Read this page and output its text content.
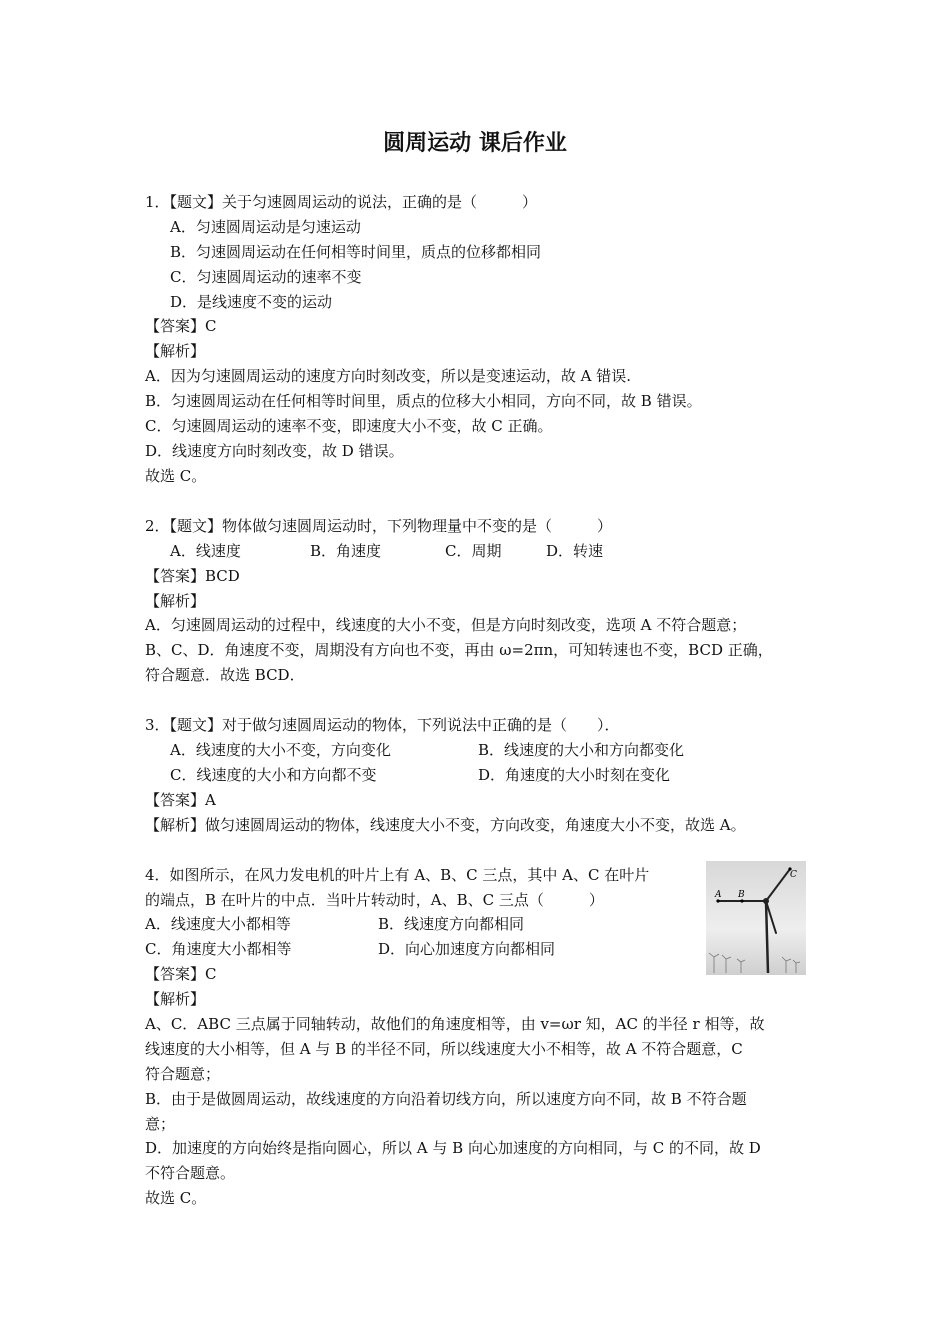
圆周运动 课后作业
1．【题文】关于匀速圆周运动的说法，正确的是（　　　）
A．匀速圆周运动是匀速运动
B．匀速圆周运动在任何相等时间里，质点的位移都相同
C．匀速圆周运动的速率不变
D．是线速度不变的运动
【答案】C
【解析】
A．因为匀速圆周运动的速度方向时刻改变，所以是变速运动，故 A 错误.
B．匀速圆周运动在任何相等时间里，质点的位移大小相同，方向不同，故 B 错误。
C．匀速圆周运动的速率不变，即速度大小不变，故 C 正确。
D．线速度方向时刻改变，故 D 错误。
故选 C。
2．【题文】物体做匀速圆周运动时，下列物理量中不变的是（　　　）
A．线速度	B．角速度	C．周期	D．转速
【答案】BCD
【解析】
A．匀速圆周运动的过程中，线速度的大小不变，但是方向时刻改变，选项 A 不符合题意；
B、C、D．角速度不变，周期没有方向也不变，再由 ω=2πn，可知转速也不变，BCD 正确，
符合题意．故选 BCD．
3．【题文】对于做匀速圆周运动的物体，下列说法中正确的是（　　）．
A．线速度的大小不变，方向变化	B．线速度的大小和方向都变化
C．线速度的大小和方向都不变	D．角速度的大小时刻在变化
【答案】A
【解析】做匀速圆周运动的物体，线速度大小不变，方向改变，角速度大小不变，故选 A。
4．如图所示，在风力发电机的叶片上有 A、B、C 三点，其中 A、C 在叶片
的端点，B 在叶片的中点．当叶片转动时，A、B、C 三点（　　　）
A．线速度大小都相等	B．线速度方向都相同
C．角速度大小都相等	D．向心加速度方向都相同
【答案】C
【解析】
A、C．ABC 三点属于同轴转动，故他们的角速度相等，由 v=ωr 知，AC 的半径 r 相等，故
线速度的大小相等，但 A 与 B 的半径不同，所以线速度大小不相等，故 A 不符合题意，C
符合题意；
B．由于是做圆周运动，故线速度的方向沿着切线方向，所以速度方向不同，故 B 不符合题
意；
D．加速度的方向始终是指向圆心，所以 A 与 B 向心加速度的方向相同，与 C 的不同，故 D
不符合题意。
故选 C。
A B
C
